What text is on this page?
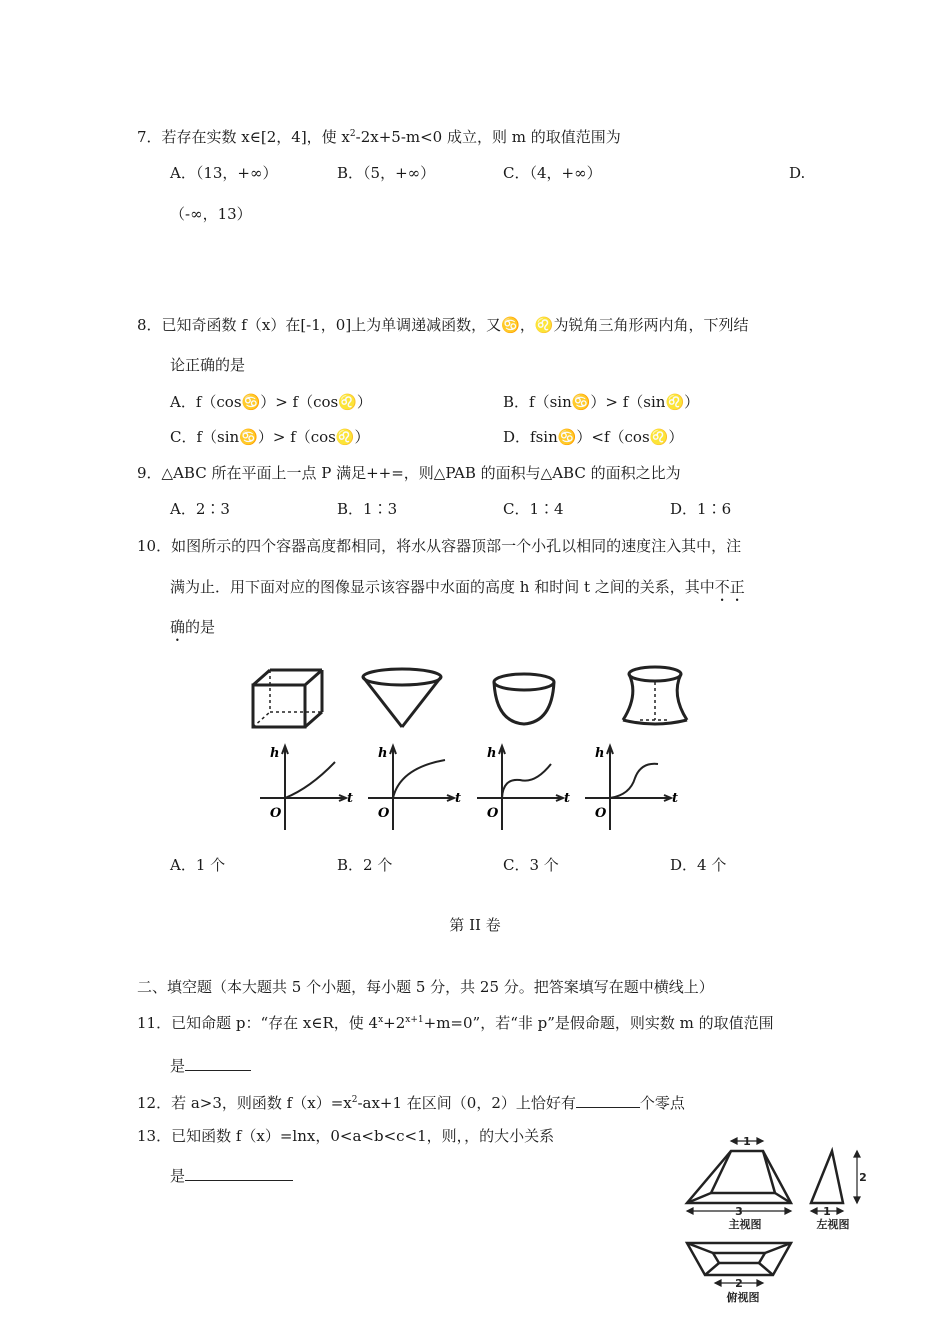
7．若存在实数 x∈[2，4]，使 $x^2-2x+5-m<0$ 成立，则 m 的取值范围为
A．（13，+∞）	B．（5，+∞）	C．（4，+∞）	D.
（-∞，13）
8．已知奇函数 f（x）在[-1，0]上为单调递减函数，又♋，♌为锐角三角形两内角，下列结
论正确的是
A．f（cos♋）> f（cos♌）	B．f（sin♋）> f（sin♌）
C．f（sin♋）> f（cos♌）	D．fsin♋）<f（cos♌）
9．△ABC 所在平面上一点 P 满足++=，则△PAB 的面积与△ABC 的面积之比为
A．2∶3	B．1∶3	C．1∶4	D．1∶6
10．如图所示的四个容器高度都相同，将水从容器顶部一个小孔以相同的速度注入其中，注
满为止．用下面对应的图像显示该容器中水面的高度 h 和时间 t 之间的关系，其中不正
确的是
h
t
O
h
t
O
h
t
O
h
t
O
A．1 个	B．2 个	C．3 个	D．4 个
第 II 卷
二、填空题（本大题共 5 个小题，每小题 5 分，共 25 分。把答案填写在题中横线上）
11．已知命题 p：“存在 x∈R，使 $4^x+2^{x+1}+m=0$”，若“非 p”是假命题，则实数 m 的取值范围
是
12．若 a>3，则函数 $f(x)=x^2-ax+1$ 在区间（0，2）上恰好有	个零点
13．已知函数 f（x）=lnx，0<a<b<c<1，则，，的大小关系
是
1
3
主视图
2
1
左视图
2
俯视图
